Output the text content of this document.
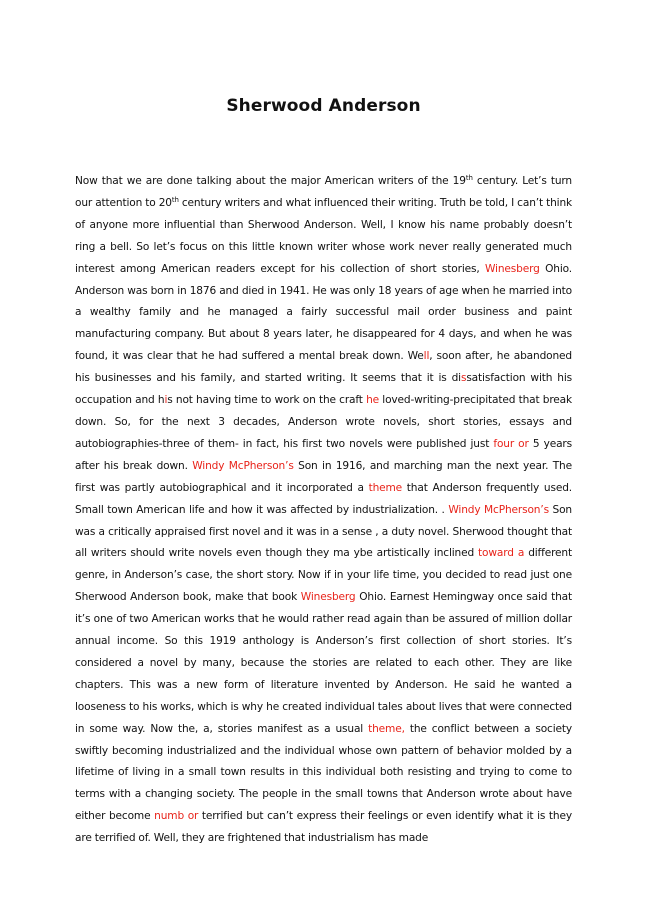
Sherwood Anderson

Now that we are done talking about the major American writers of the 19th century. Let’s turn our attention to 20th century writers and what influenced their writing. Truth be told, I can’t think of anyone more influential than Sherwood Anderson. Well, I know his name probably doesn’t ring a bell. So let’s focus on this little known writer whose work never really generated much interest among American readers except for his collection of short stories, Winesberg Ohio. Anderson was born in 1876 and died in 1941. He was only 18 years of age when he married into a wealthy family and he managed a fairly successful mail order business and paint manufacturing company. But about 8 years later, he disappeared for 4 days, and when he was found, it was clear that he had suffered a mental break down. Well, soon after, he abandoned his businesses and his family, and started writing. It seems that it is dissatisfaction with his occupation and his not having time to work on the craft he loved-writing-precipitated that break down. So, for the next 3 decades, Anderson wrote novels, short stories, essays and autobiographies-three of them- in fact, his first two novels were published just four or 5 years after his break down. Windy McPherson’s Son in 1916, and marching man the next year. The first was partly autobiographical and it incorporated a theme that Anderson frequently used. Small town American life and how it was affected by industrialization. . Windy McPherson’s Son was a critically appraised first novel and it was in a sense , a duty novel. Sherwood thought that all writers should write novels even though they ma ybe artistically inclined toward a different genre, in Anderson’s case, the short story. Now if in your life time, you decided to read just one Sherwood Anderson book, make that book Winesberg Ohio. Earnest Hemingway once said that it’s one of two American works that he would rather read again than be assured of million dollar annual income. So this 1919 anthology is Anderson’s first collection of short stories. It’s considered a novel by many, because the stories are related to each other. They are like chapters. This was a new form of literature invented by Anderson. He said he wanted a looseness to his works, which is why he created individual tales about lives that were connected in some way. Now the, a, stories manifest as a usual theme, the conflict between a society swiftly becoming industrialized and the individual whose own pattern of behavior molded by a lifetime of living in a small town results in this individual both resisting and trying to come to terms with a changing society. The people in the small towns that Anderson wrote about have either become numb or terrified but can’t express their feelings or even identify what it is they are terrified of. Well, they are frightened that industrialism has made
